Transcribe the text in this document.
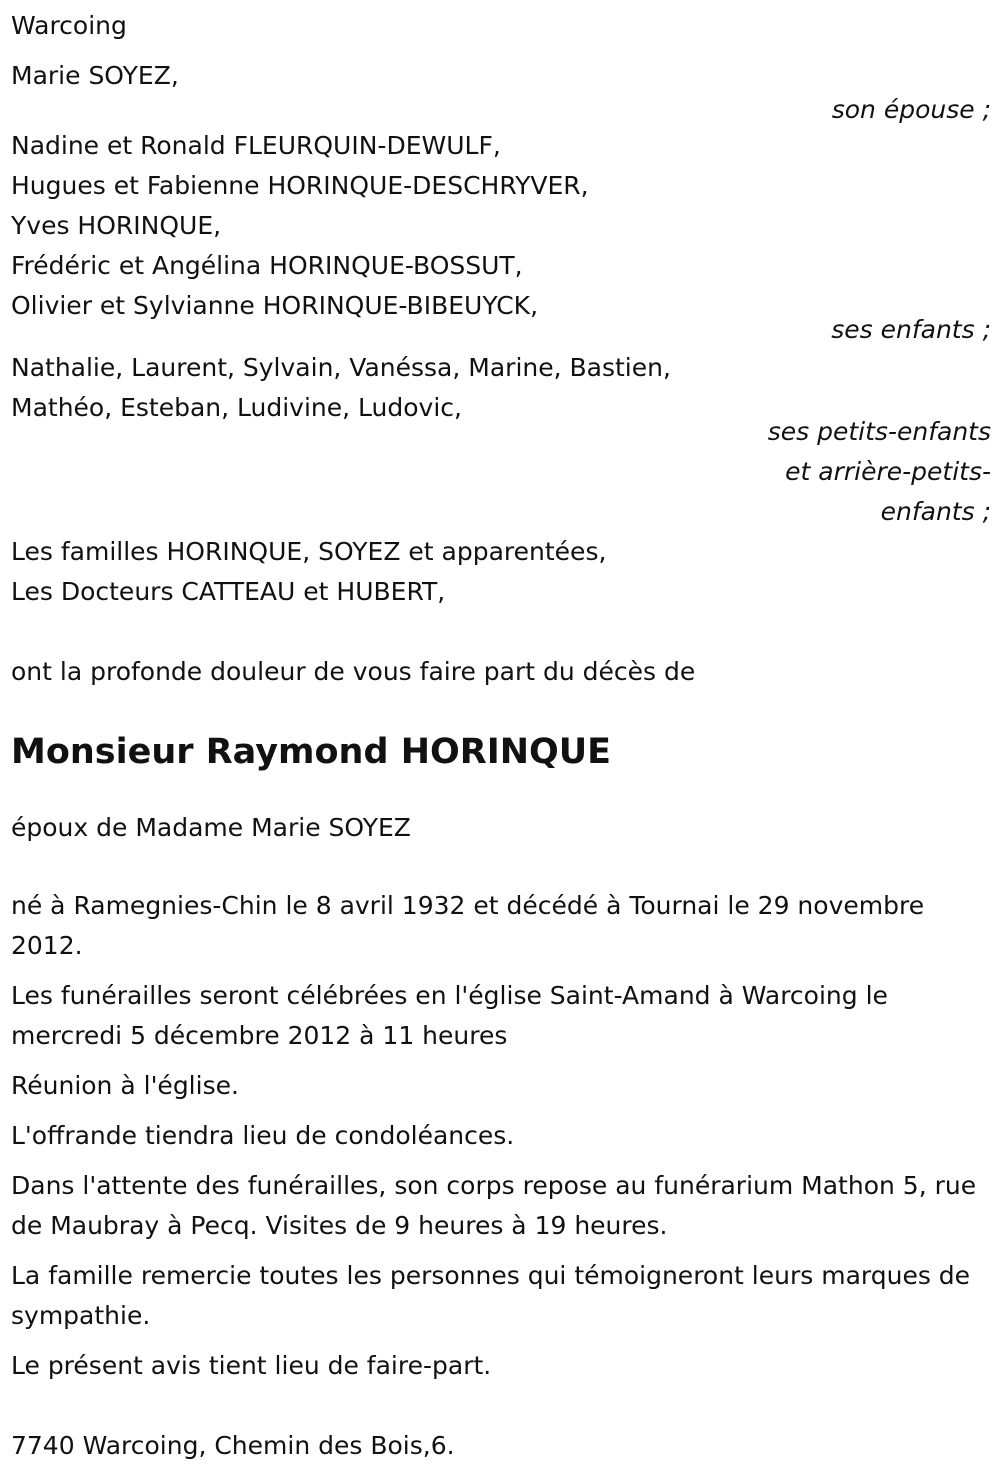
Warcoing
Marie SOYEZ,
son épouse ;
Nadine et Ronald FLEURQUIN-DEWULF,
Hugues et Fabienne HORINQUE-DESCHRYVER,
Yves HORINQUE,
Frédéric et Angélina HORINQUE-BOSSUT,
Olivier et Sylvianne HORINQUE-BIBEUYCK,
ses enfants ;
Nathalie, Laurent, Sylvain, Vanéssa, Marine, Bastien,
Mathéo, Esteban, Ludivine, Ludovic,
ses petits-enfants
et arrière-petits-
enfants ;
Les familles HORINQUE, SOYEZ et apparentées,
Les Docteurs CATTEAU et HUBERT,
ont la profonde douleur de vous faire part du décès de
Monsieur Raymond HORINQUE
époux de Madame Marie SOYEZ
né à Ramegnies-Chin le 8 avril 1932 et décédé à Tournai le 29 novembre 2012.
Les funérailles seront célébrées en l'église Saint-Amand à Warcoing le mercredi 5 décembre 2012 à 11 heures
Réunion à l'église.
L'offrande tiendra lieu de condoléances.
Dans l'attente des funérailles, son corps repose au funérarium Mathon 5, rue de Maubray à Pecq. Visites de 9 heures à 19 heures.
La famille remercie toutes les personnes qui témoigneront leurs marques de sympathie.
Le présent avis tient lieu de faire-part.
7740 Warcoing, Chemin des Bois,6.
